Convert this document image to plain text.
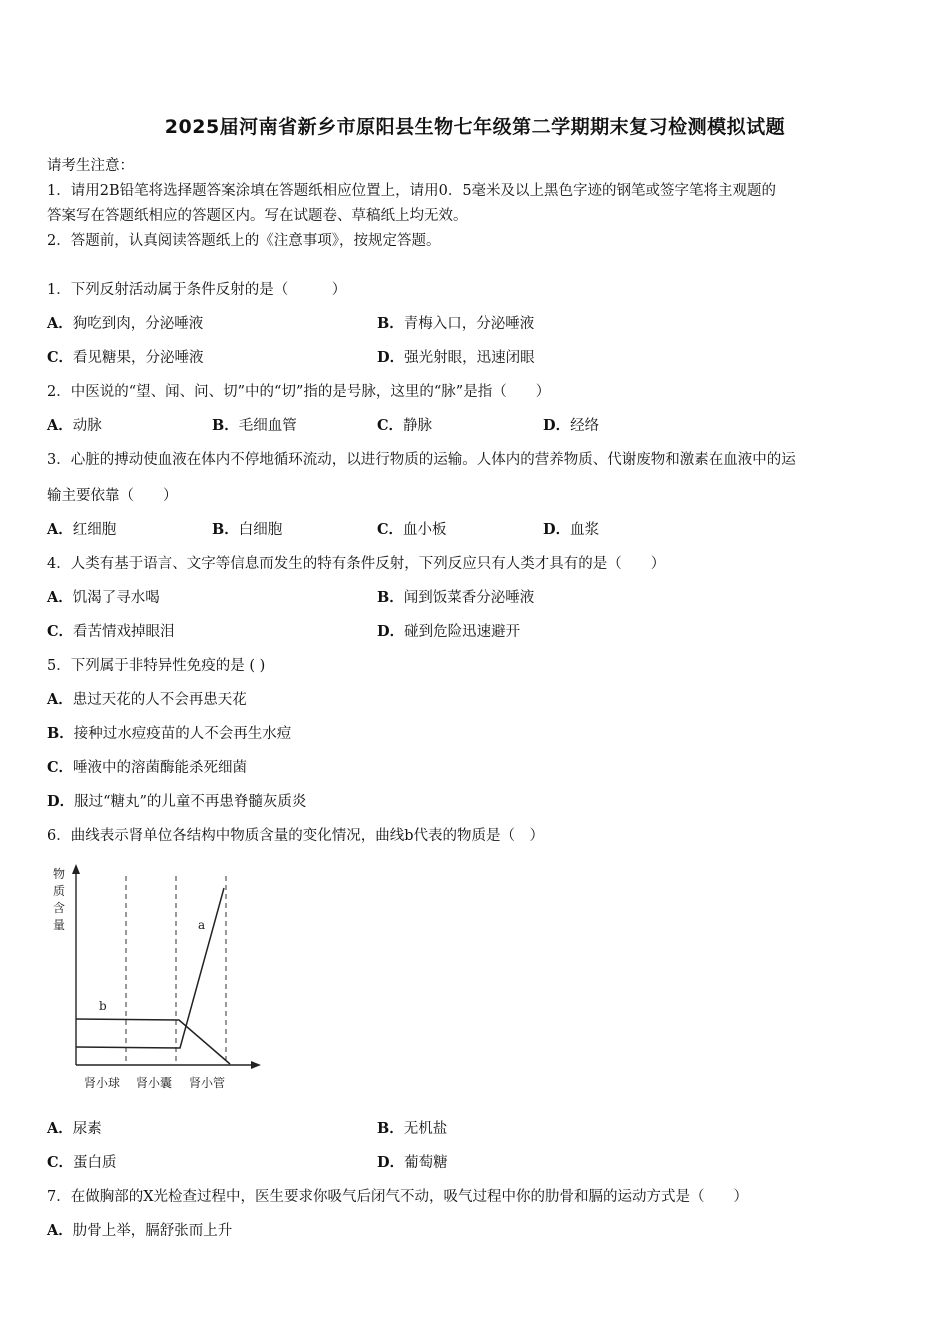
2025届河南省新乡市原阳县生物七年级第二学期期末复习检测模拟试题
请考生注意：
1．请用2B铅笔将选择题答案涂填在答题纸相应位置上，请用0．5毫米及以上黑色字迹的钢笔或签字笔将主观题的
答案写在答题纸相应的答题区内。写在试题卷、草稿纸上均无效。
2．答题前，认真阅读答题纸上的《注意事项》，按规定答题。
1．下列反射活动属于条件反射的是（　　　）
A．狗吃到肉，分泌唾液	B．青梅入口，分泌唾液
C．看见糖果，分泌唾液	D．强光射眼，迅速闭眼
2．中医说的“望、闻、问、切”中的“切”指的是号脉，这里的“脉”是指（　　）
A．动脉	B．毛细血管	C．静脉	D．经络
3．心脏的搏动使血液在体内不停地循环流动，以进行物质的运输。人体内的营养物质、代谢废物和激素在血液中的运
输主要依靠（　　）
A．红细胞	B．白细胞	C．血小板	D．血浆
4．人类有基于语言、文字等信息而发生的特有条件反射，下列反应只有人类才具有的是（　　）
A．饥渴了寻水喝	B．闻到饭菜香分泌唾液
C．看苦情戏掉眼泪	D．碰到危险迅速避开
5．下列属于非特异性免疫的是 ( )
A．患过天花的人不会再患天花
B．接种过水痘疫苗的人不会再生水痘
C．唾液中的溶菌酶能杀死细菌
D．服过“糖丸”的儿童不再患脊髓灰质炎
6．曲线表示肾单位各结构中物质含量的变化情况，曲线b代表的物质是（　）
物
质
含
量	a
b
肾小球 肾小囊 肾小管
A．尿素	B．无机盐
C．蛋白质	D．葡萄糖
7．在做胸部的X光检查过程中，医生要求你吸气后闭气不动，吸气过程中你的肋骨和膈的运动方式是（　　）
A．肋骨上举，膈舒张而上升
